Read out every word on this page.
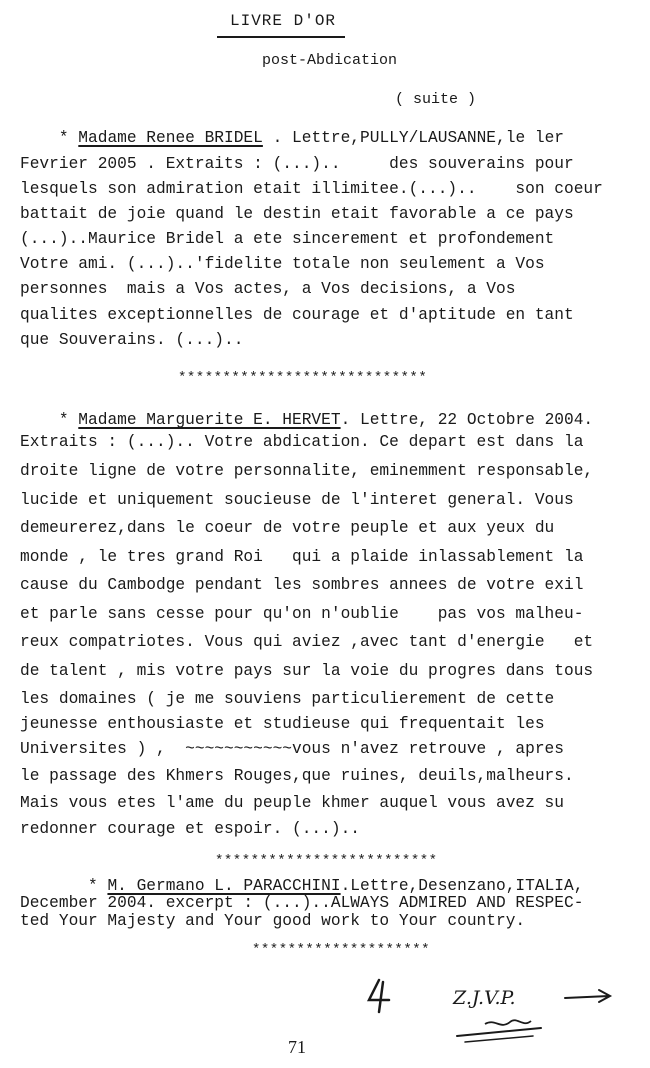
LIVRE D'OR
post-Abdication
( suite )
* Madame Renee BRIDEL . Lettre,PULLY/LAUSANNE,le ler
Fevrier 2005 . Extraits : (...)..     des souverains pour
lesquels son admiration etait illimitee.(...)..    son coeur
battait de joie quand le destin etait favorable a ce pays
(...)..Maurice Bridel a ete sincerement et profondement
Votre ami. (...)..'fidelite totale non seulement a Vos
personnes  mais a Vos actes, a Vos decisions, a Vos
qualites exceptionnelles de courage et d'aptitude en tant
que Souverains. (...)..
****************************
* Madame Marguerite E. HERVET. Lettre, 22 Octobre 2004.
Extraits : (...).. Votre abdication. Ce depart est dans la
droite ligne de votre personnalite, eminemment responsable,
lucide et uniquement soucieuse de l'interet general. Vous
demeurerez,dans le coeur de votre peuple et aux yeux du
monde , le tres grand Roi   qui a plaide inlassablement la
cause du Cambodge pendant les sombres annees de votre exil
et parle sans cesse pour qu'on n'oublie    pas vos malheu-
reux compatriotes. Vous qui aviez ,avec tant d'energie   et
de talent , mis votre pays sur la voie du progres dans tous
les domaines ( je me souviens particulierement de cette
jeunesse enthousiaste et studieuse qui frequentait les
Universites ) ,  ~~~~~~~~~~~vous n'avez retrouve , apres
le passage des Khmers Rouges,que ruines, deuils,malheurs.
Mais vous etes l'ame du peuple khmer auquel vous avez su
redonner courage et espoir. (...)..
*************************
* M. Germano L. PARACCHINI.Lettre,Desenzano,ITALIA,
December 2004. excerpt : (...)..ALWAYS ADMIRED AND RESPEC-
ted Your Majesty and Your good work to Your country.
********************
Z.J.V.P.
71
